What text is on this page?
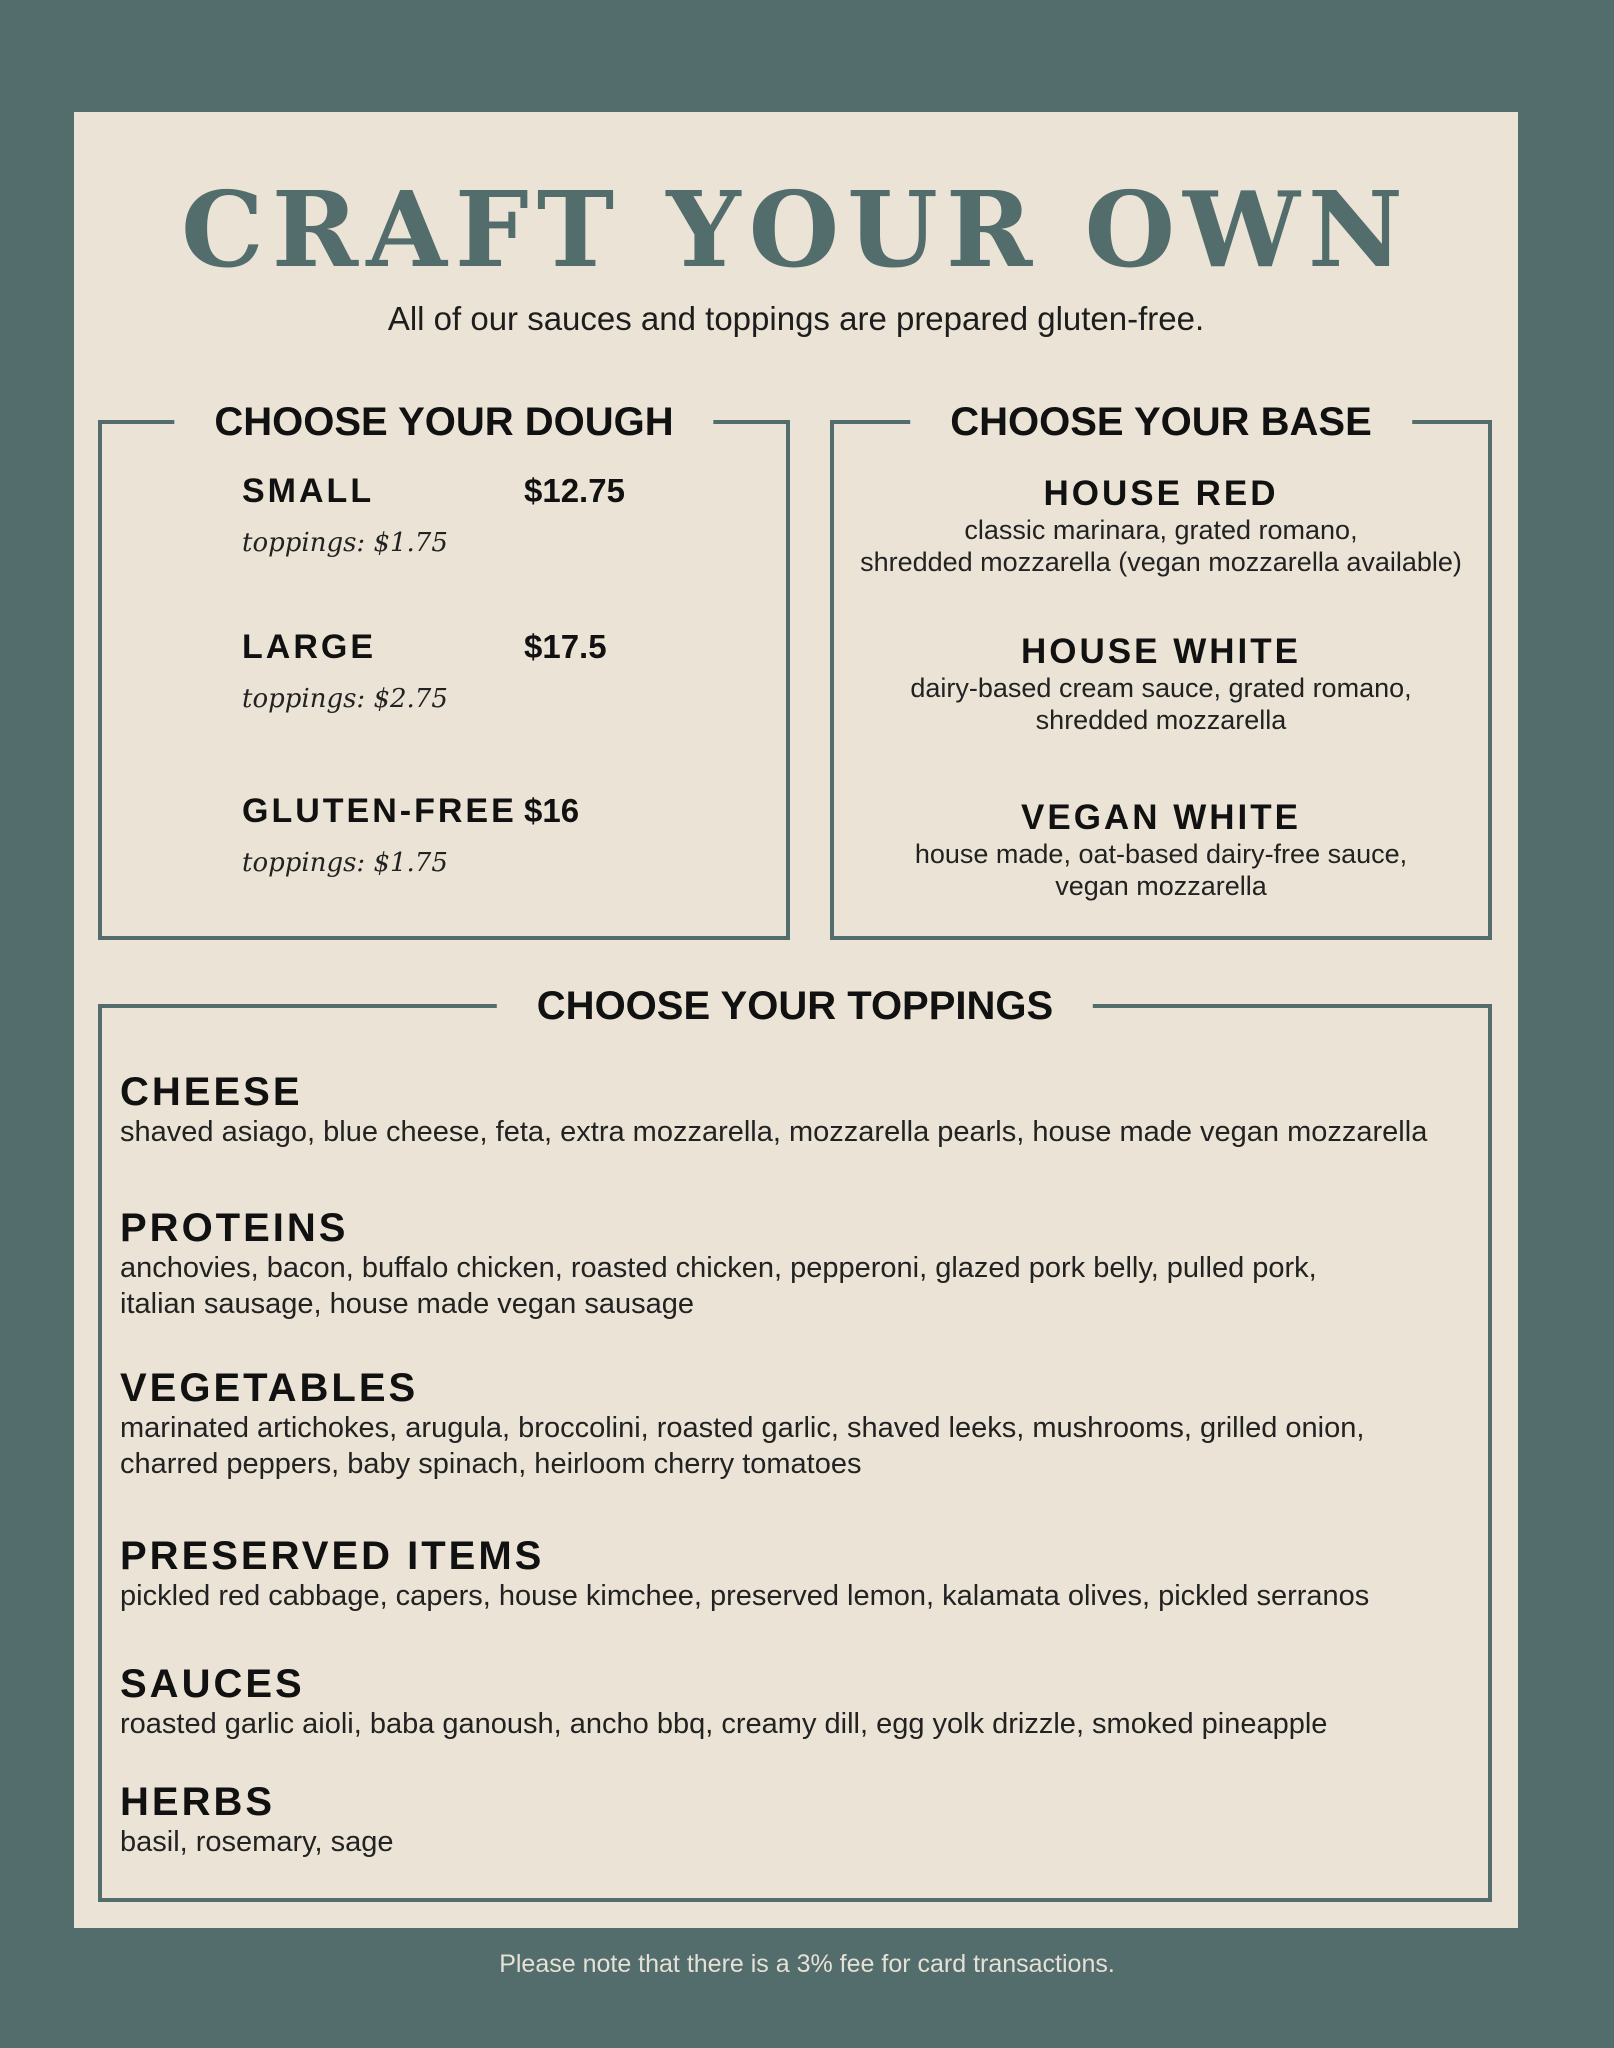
CRAFT YOUR OWN
All of our sauces and toppings are prepared gluten-free.
CHOOSE YOUR DOUGH
SMALL	$12.75
toppings: $1.75
LARGE	$17.5
toppings: $2.75
GLUTEN-FREE $16
toppings: $1.75
CHOOSE YOUR BASE
HOUSE RED
classic marinara, grated romano,
shredded mozzarella (vegan mozzarella available)
HOUSE WHITE
dairy-based cream sauce, grated romano,
shredded mozzarella
VEGAN WHITE
house made, oat-based dairy-free sauce,
vegan mozzarella
CHOOSE YOUR TOPPINGS
CHEESE
shaved asiago, blue cheese, feta, extra mozzarella, mozzarella pearls, house made vegan mozzarella
PROTEINS
anchovies, bacon, buffalo chicken, roasted chicken, pepperoni, glazed pork belly, pulled pork,
italian sausage, house made vegan sausage
VEGETABLES
marinated artichokes, arugula, broccolini, roasted garlic, shaved leeks, mushrooms, grilled onion,
charred peppers, baby spinach, heirloom cherry tomatoes
PRESERVED ITEMS
pickled red cabbage, capers, house kimchee, preserved lemon, kalamata olives, pickled serranos
SAUCES
roasted garlic aioli, baba ganoush, ancho bbq, creamy dill, egg yolk drizzle, smoked pineapple
HERBS
basil, rosemary, sage
Please note that there is a 3% fee for card transactions.
